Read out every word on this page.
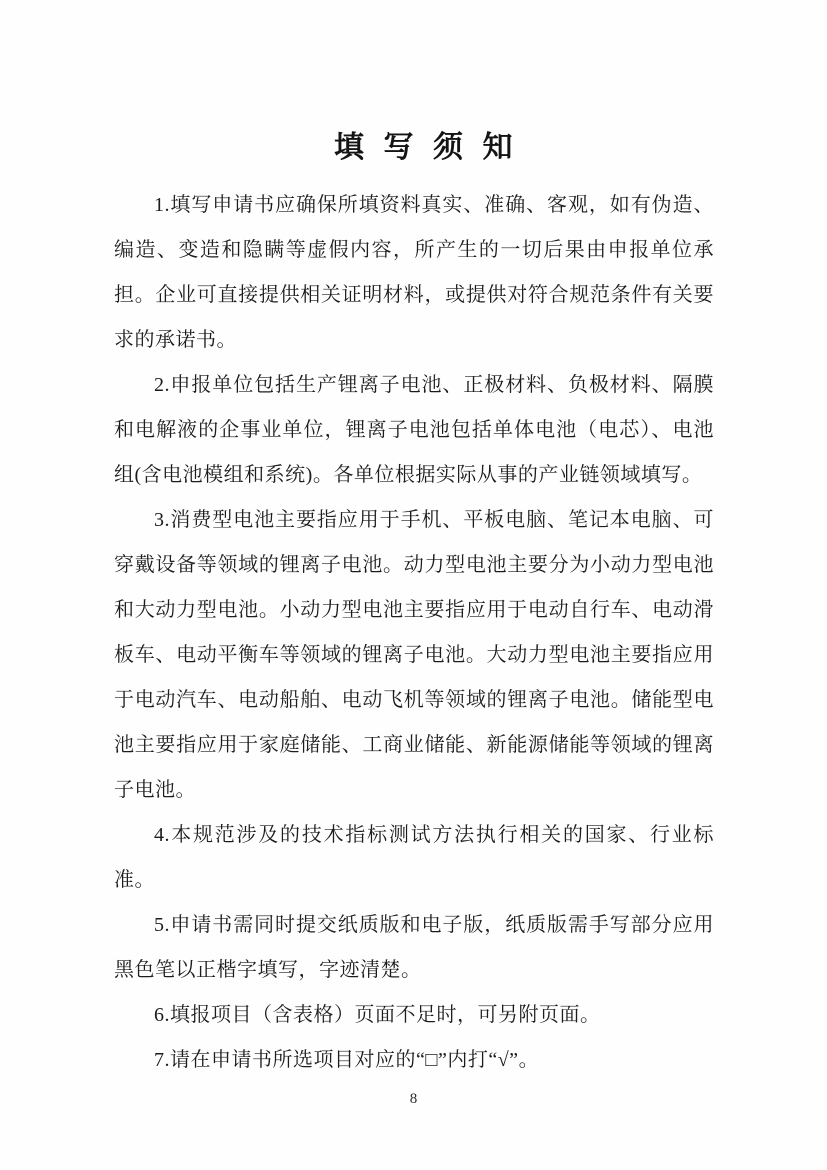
填写须知

1.填写申请书应确保所填资料真实、准确、客观，如有伪造、编造、变造和隐瞒等虚假内容，所产生的一切后果由申报单位承担。企业可直接提供相关证明材料，或提供对符合规范条件有关要求的承诺书。

2.申报单位包括生产锂离子电池、正极材料、负极材料、隔膜和电解液的企事业单位，锂离子电池包括单体电池（电芯）、电池组(含电池模组和系统)。各单位根据实际从事的产业链领域填写。

3.消费型电池主要指应用于手机、平板电脑、笔记本电脑、可穿戴设备等领域的锂离子电池。动力型电池主要分为小动力型电池和大动力型电池。小动力型电池主要指应用于电动自行车、电动滑板车、电动平衡车等领域的锂离子电池。大动力型电池主要指应用于电动汽车、电动船舶、电动飞机等领域的锂离子电池。储能型电池主要指应用于家庭储能、工商业储能、新能源储能等领域的锂离子电池。

4.本规范涉及的技术指标测试方法执行相关的国家、行业标准。

5.申请书需同时提交纸质版和电子版，纸质版需手写部分应用黑色笔以正楷字填写，字迹清楚。

6.填报项目（含表格）页面不足时，可另附页面。

7.请在申请书所选项目对应的“□”内打“√”。

8
